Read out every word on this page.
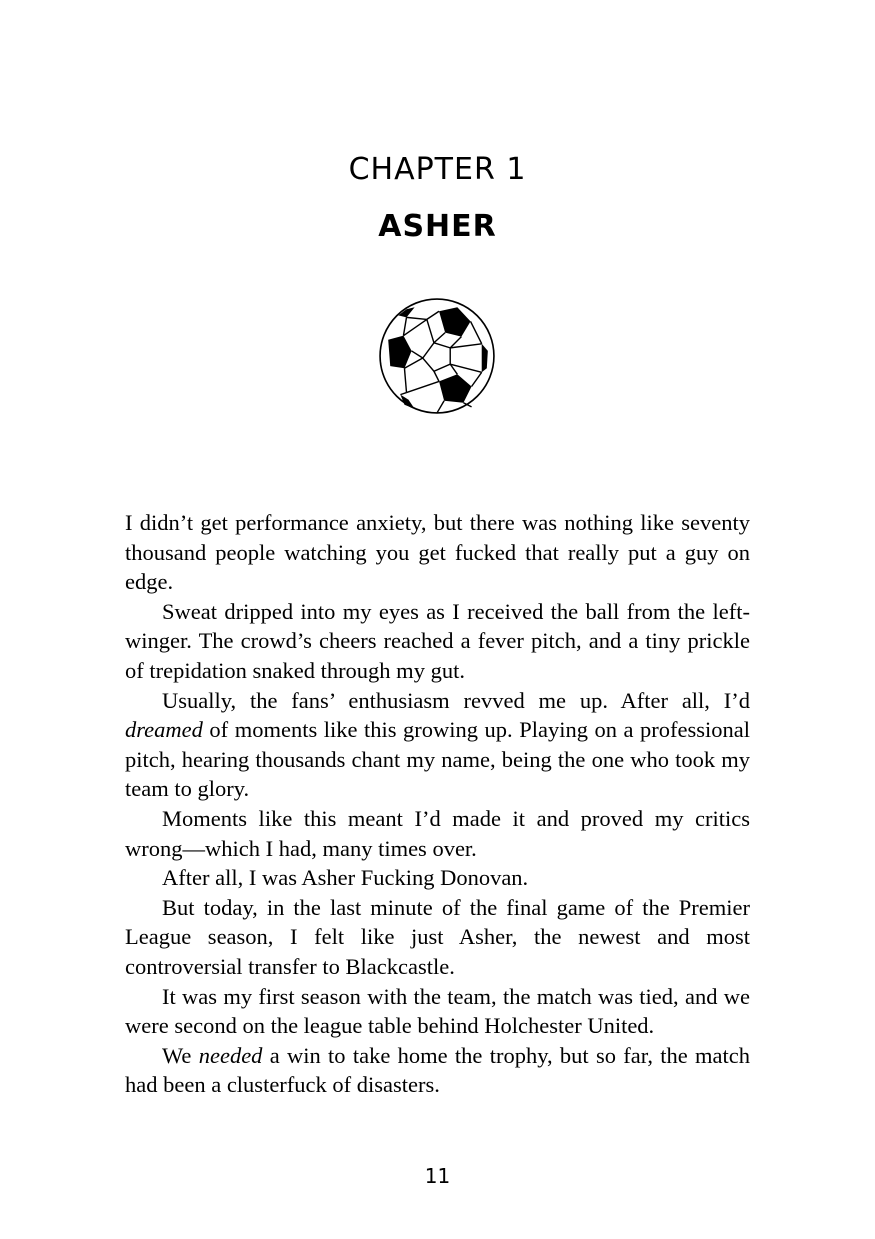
CHAPTER 1
ASHER

I didn’t get performance anxiety, but there was nothing like seventy thousand people watching you get fucked that really put a guy on edge.

Sweat dripped into my eyes as I received the ball from the left-winger. The crowd’s cheers reached a fever pitch, and a tiny prickle of trepidation snaked through my gut.

Usually, the fans’ enthusiasm revved me up. After all, I’d dreamed of moments like this growing up. Playing on a professional pitch, hearing thousands chant my name, being the one who took my team to glory.

Moments like this meant I’d made it and proved my critics wrong—which I had, many times over.

After all, I was Asher Fucking Donovan.

But today, in the last minute of the final game of the Premier League season, I felt like just Asher, the newest and most controversial transfer to Blackcastle.

It was my first season with the team, the match was tied, and we were second on the league table behind Holchester United.

We needed a win to take home the trophy, but so far, the match had been a clusterfuck of disasters.

11
